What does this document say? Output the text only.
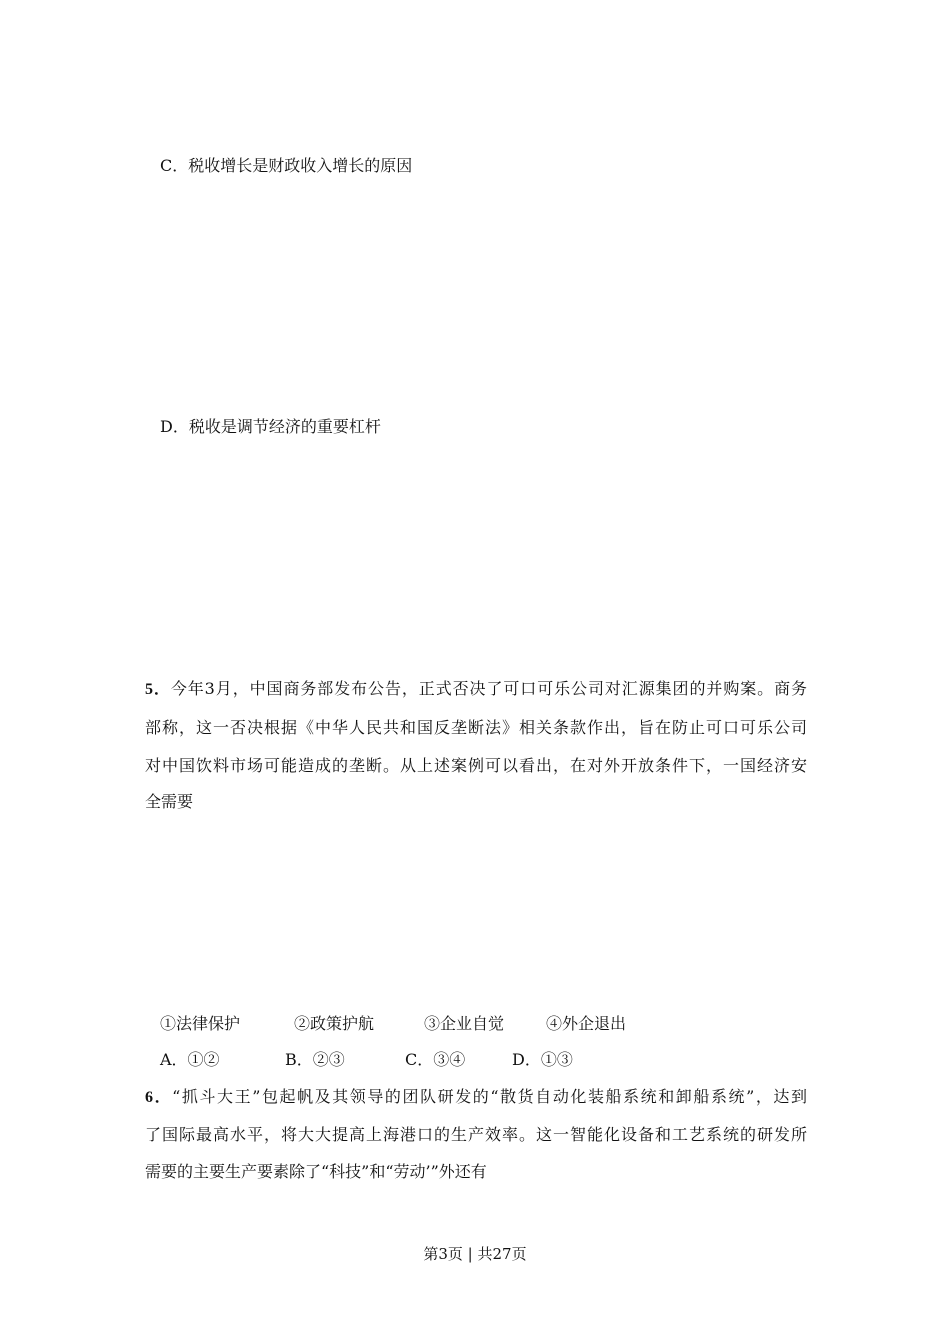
C．税收增长是财政收入增长的原因
D．税收是调节经济的重要杠杆
5．今年3月，中国商务部发布公告，正式否决了可口可乐公司对汇源集团的并购案。商务
部称，这一否决根据《中华人民共和国反垄断法》相关条款作出，旨在防止可口可乐公司
对中国饮料市场可能造成的垄断。从上述案例可以看出，在对外开放条件下，一国经济安
全需要
①法律保护	②政策护航	③企业自觉	④外企退出
A．①②	B．②③	C．③④	D．①③
6．“抓斗大王”包起帆及其领导的团队研发的“散货自动化装船系统和卸船系统”，达到
了国际最高水平，将大大提高上海港口的生产效率。这一智能化设备和工艺系统的研发所
需要的主要生产要素除了“科技”和“劳动’”外还有
第3页 | 共27页
